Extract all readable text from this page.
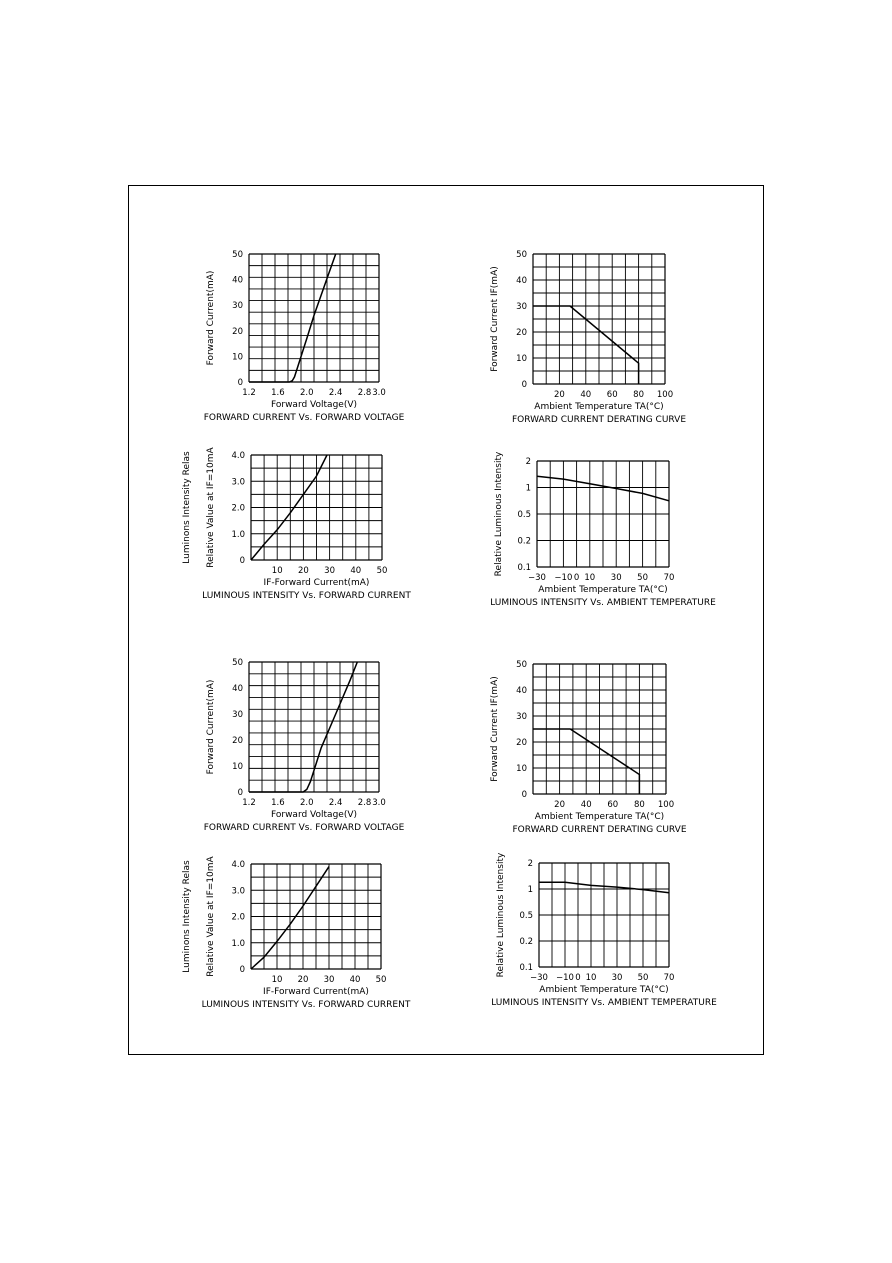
1.2 1.6 2.0 2.4 2.8 3.0
0
10
20
30
40
50
Forward Voltage(V)
FORWARD CURRENT Vs. FORWARD VOLTAGE
Forward Current(mA)
20 40 60 80 100
0
10
20
30
40
50
Ambient Temperature TA(°C)
FORWARD CURRENT DERATING CURVE
Forward Current IF(mA)
10 20 30 40 50
0
1.0
2.0
3.0
4.0
IF-Forward Current(mA)
LUMINOUS INTENSITY Vs. FORWARD CURRENT
Luminons Intensity Relas Relative Value at IF=10mA
−30 −10 0 10 30 50 70
0.1
0.2
0.5
1
2
Ambient Temperature TA(°C)
LUMINOUS INTENSITY Vs. AMBIENT TEMPERATURE
Relative Luminous Intensity
1.2 1.6 2.0 2.4 2.8 3.0
0
10
20
30
40
50
Forward Voltage(V)
FORWARD CURRENT Vs. FORWARD VOLTAGE
Forward Current(mA)
20 40 60 80 100
0
10
20
30
40
50
Ambient Temperature TA(°C)
FORWARD CURRENT DERATING CURVE
Forward Current IF(mA)
10 20 30 40 50
0
1.0
2.0
3.0
4.0
IF-Forward Current(mA)
LUMINOUS INTENSITY Vs. FORWARD CURRENT
Luminons Intensity Relas Relative Value at IF=10mA
−30 −10 0 10 30 50 70
0.1
0.2
0.5
1
2
Ambient Temperature TA(°C)
LUMINOUS INTENSITY Vs. AMBIENT TEMPERATURE
Relative Luminous Intensity
